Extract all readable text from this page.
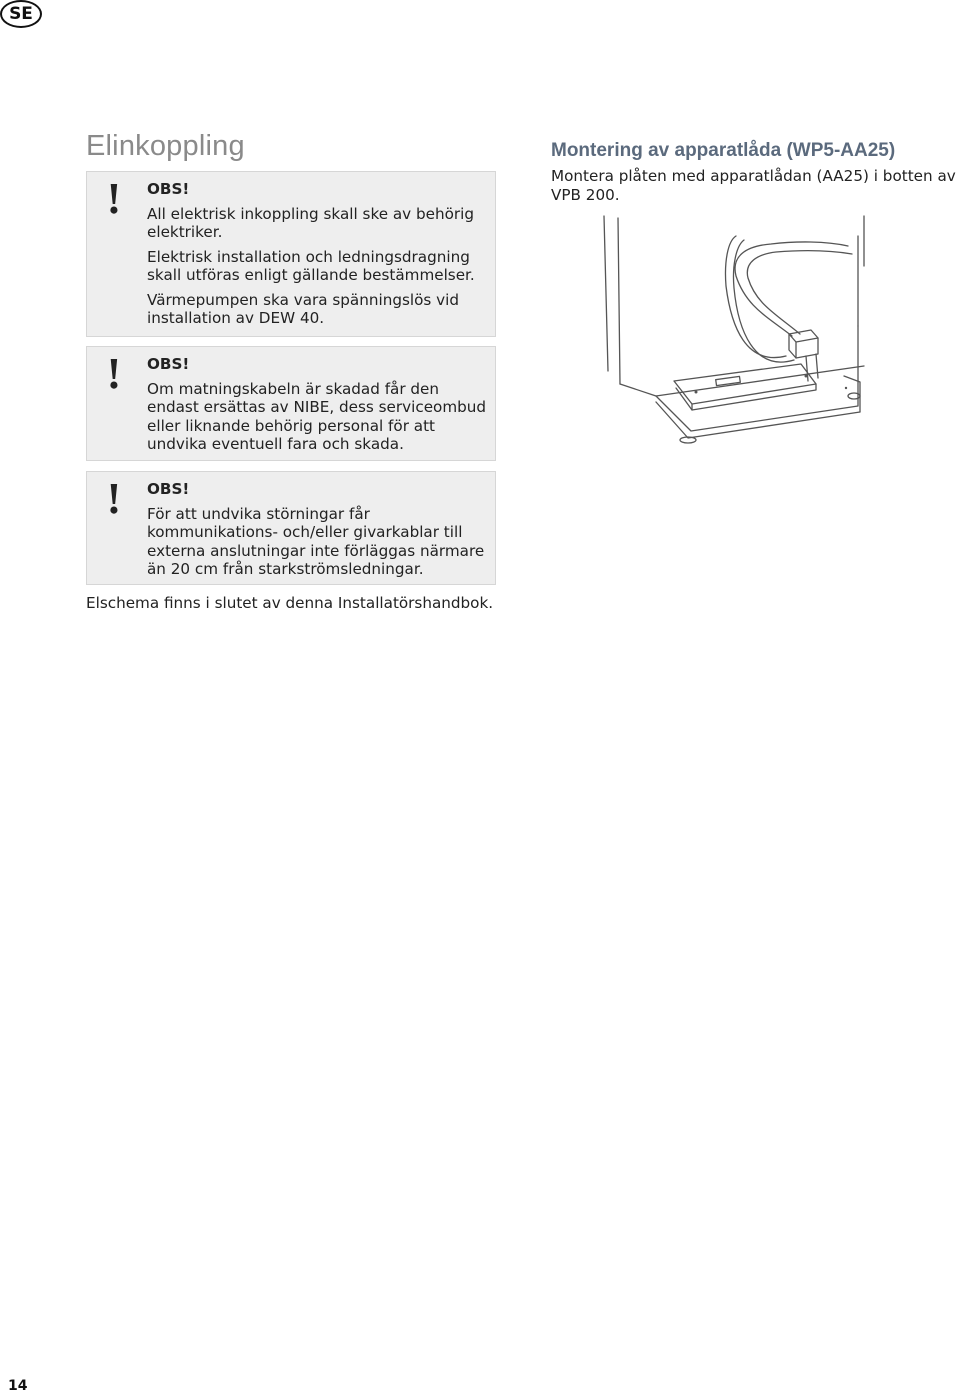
SE
Elinkoppling
!	OBS!

All elektrisk inkoppling skall ske av behörig elektriker.

Elektrisk installation och ledningsdragning skall utföras enligt gällande bestämmelser.

Värmepumpen ska vara spänningslös vid installation av DEW 40.

!	OBS!

Om matningskabeln är skadad får den endast ersättas av NIBE, dess serviceombud eller liknande behörig personal för att undvika eventuell fara och skada.

!	OBS!

För att undvika störningar får kommunikations- och/eller givarkablar till externa anslutningar inte förläggas närmare än 20 cm från starkströmsledningar.

Elschema finns i slutet av denna Installatörshandbok.

Montering av apparatlåda (WP5-AA25)

Montera plåten med apparatlådan (AA25) i botten av VPB 200.

14
